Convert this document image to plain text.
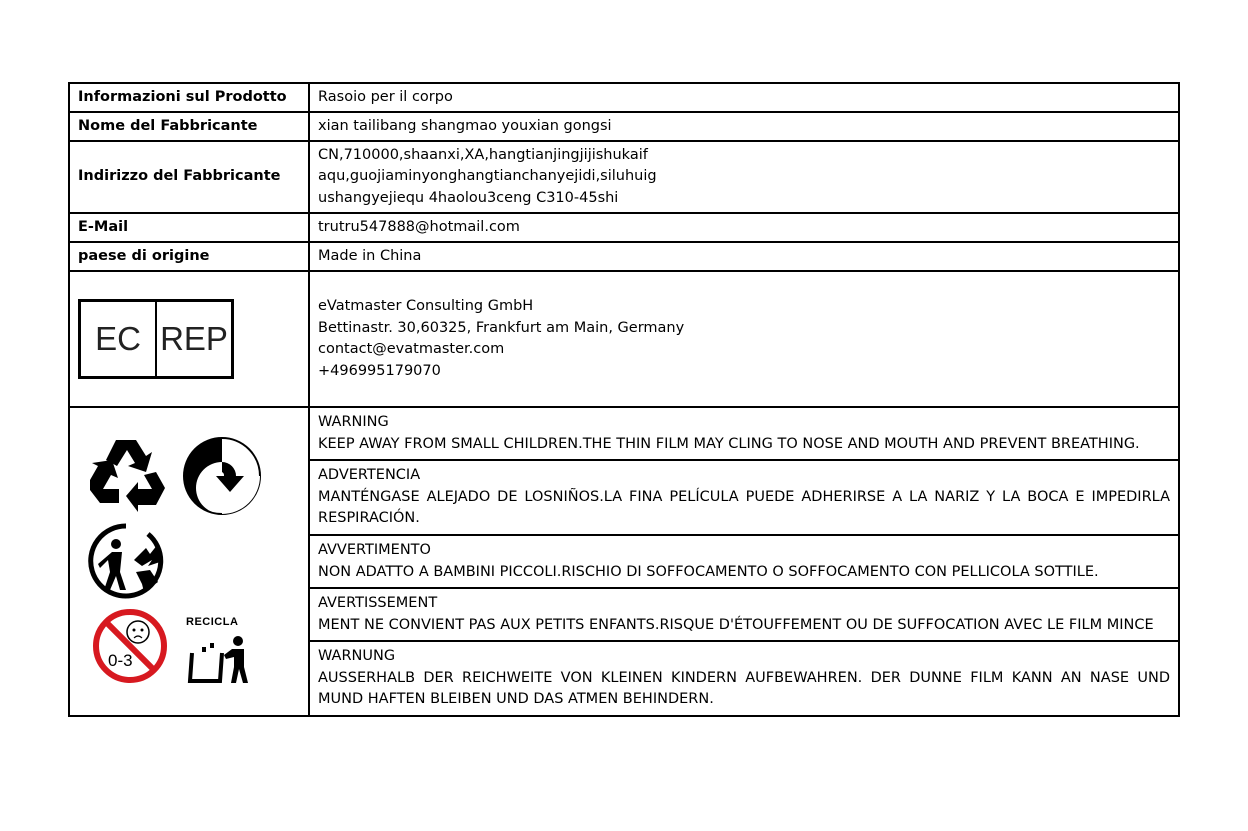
Informazioni sul Prodotto	Rasoio per il corpo
Nome del Fabbricante	xian tailibang shangmao youxian gongsi
Indirizzo del Fabbricante	CN,710000,shaanxi,XA,hangtianjingjijishukaif
aqu,guojiaminyonghangtianchanyejidi,siluhuig
ushangyejiequ 4haolou3ceng C310-45shi

E-Mail	trutru547888@hotmail.com
paese di origine	Made in China

EC REP	eVatmaster Consulting GmbH
Bettinastr. 30,60325, Frankfurt am Main, Germany
contact@evatmaster.com
+496995179070

0-3
RECICLA	WARNING
KEEP AWAY FROM SMALL CHILDREN.THE THIN FILM MAY CLING TO NOSE AND MOUTH AND PREVENT BREATHING.

	ADVERTENCIA
MANTÉNGASE ALEJADO DE LOSNIÑOS.LA FINA PELÍCULA PUEDE ADHERIRSE A LA NARIZ Y LA BOCA E IMPEDIRLA RESPIRACIÓN.

	AVVERTIMENTO
NON ADATTO A BAMBINI PICCOLI.RISCHIO DI SOFFOCAMENTO O SOFFOCAMENTO CON PELLICOLA SOTTILE.

	AVERTISSEMENT
MENT NE CONVIENT PAS AUX PETITS ENFANTS.RISQUE D'ÉTOUFFEMENT OU DE SUFFOCATION AVEC LE FILM MINCE

	WARNUNG
AUSSERHALB DER REICHWEITE VON KLEINEN KINDERN AUFBEWAHREN. DER DUNNE FILM KANN AN NASE UND MUND HAFTEN BLEIBEN UND DAS ATMEN BEHINDERN.
